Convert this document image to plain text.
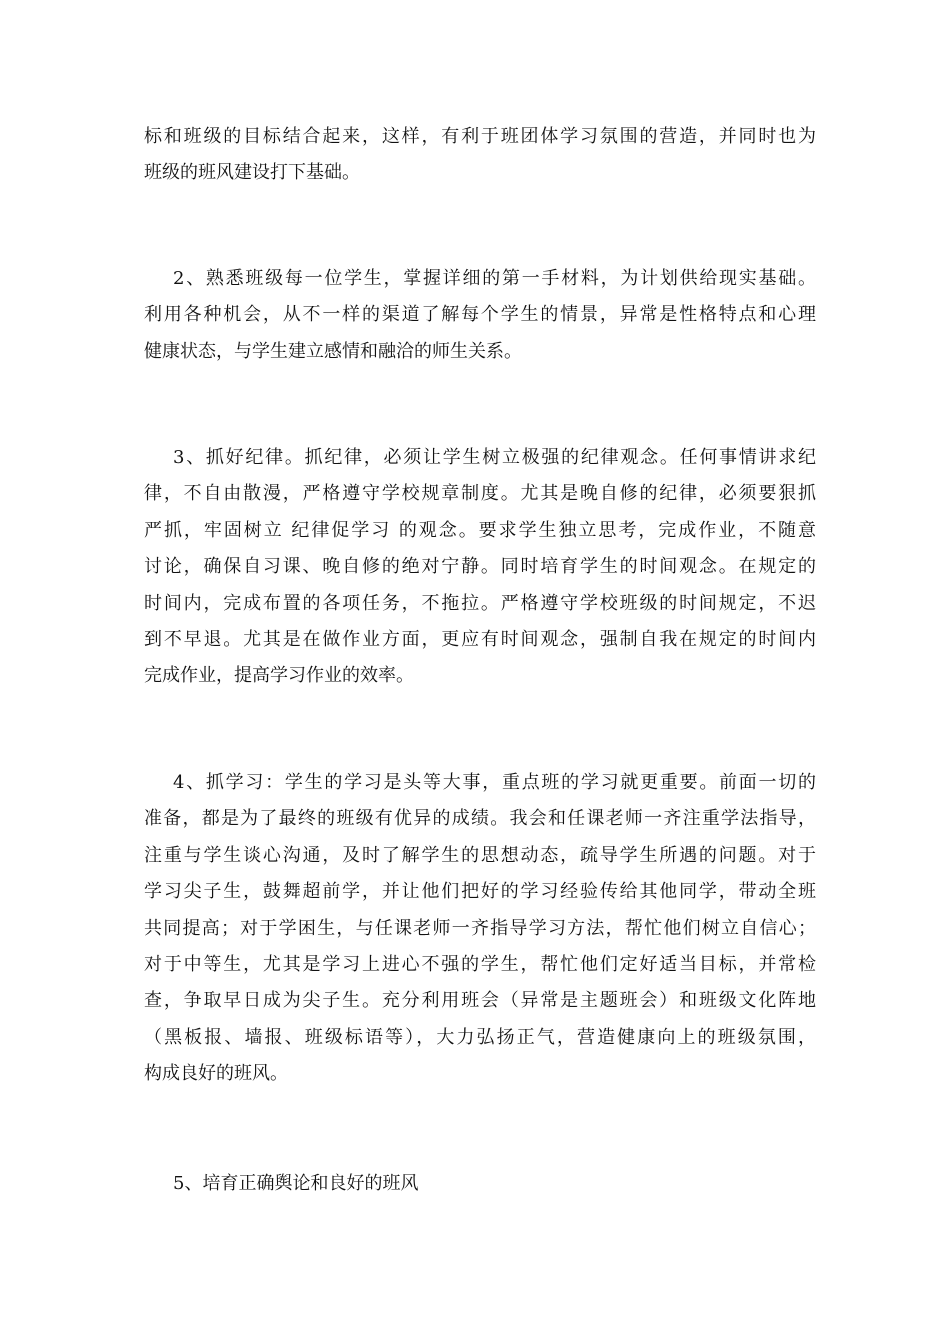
标和班级的目标结合起来，这样，有利于班团体学习氛围的营造，并同时也为
班级的班风建设打下基础。
2、熟悉班级每一位学生，掌握详细的第一手材料，为计划供给现实基础。
利用各种机会，从不一样的渠道了解每个学生的情景，异常是性格特点和心理
健康状态，与学生建立感情和融洽的师生关系。
3、抓好纪律。抓纪律，必须让学生树立极强的纪律观念。任何事情讲求纪
律，不自由散漫，严格遵守学校规章制度。尤其是晚自修的纪律，必须要狠抓
严抓，牢固树立 纪律促学习 的观念。要求学生独立思考，完成作业，不随意
讨论，确保自习课、晚自修的绝对宁静。同时培育学生的时间观念。在规定的
时间内，完成布置的各项任务，不拖拉。严格遵守学校班级的时间规定，不迟
到不早退。尤其是在做作业方面，更应有时间观念，强制自我在规定的时间内
完成作业，提高学习作业的效率。
4、抓学习：学生的学习是头等大事，重点班的学习就更重要。前面一切的
准备，都是为了最终的班级有优异的成绩。我会和任课老师一齐注重学法指导，
注重与学生谈心沟通，及时了解学生的思想动态，疏导学生所遇的问题。对于
学习尖子生，鼓舞超前学，并让他们把好的学习经验传给其他同学，带动全班
共同提高；对于学困生，与任课老师一齐指导学习方法，帮忙他们树立自信心；
对于中等生，尤其是学习上进心不强的学生，帮忙他们定好适当目标，并常检
查，争取早日成为尖子生。充分利用班会（异常是主题班会）和班级文化阵地
（黑板报、墙报、班级标语等），大力弘扬正气，营造健康向上的班级氛围，
构成良好的班风。
5、培育正确舆论和良好的班风
